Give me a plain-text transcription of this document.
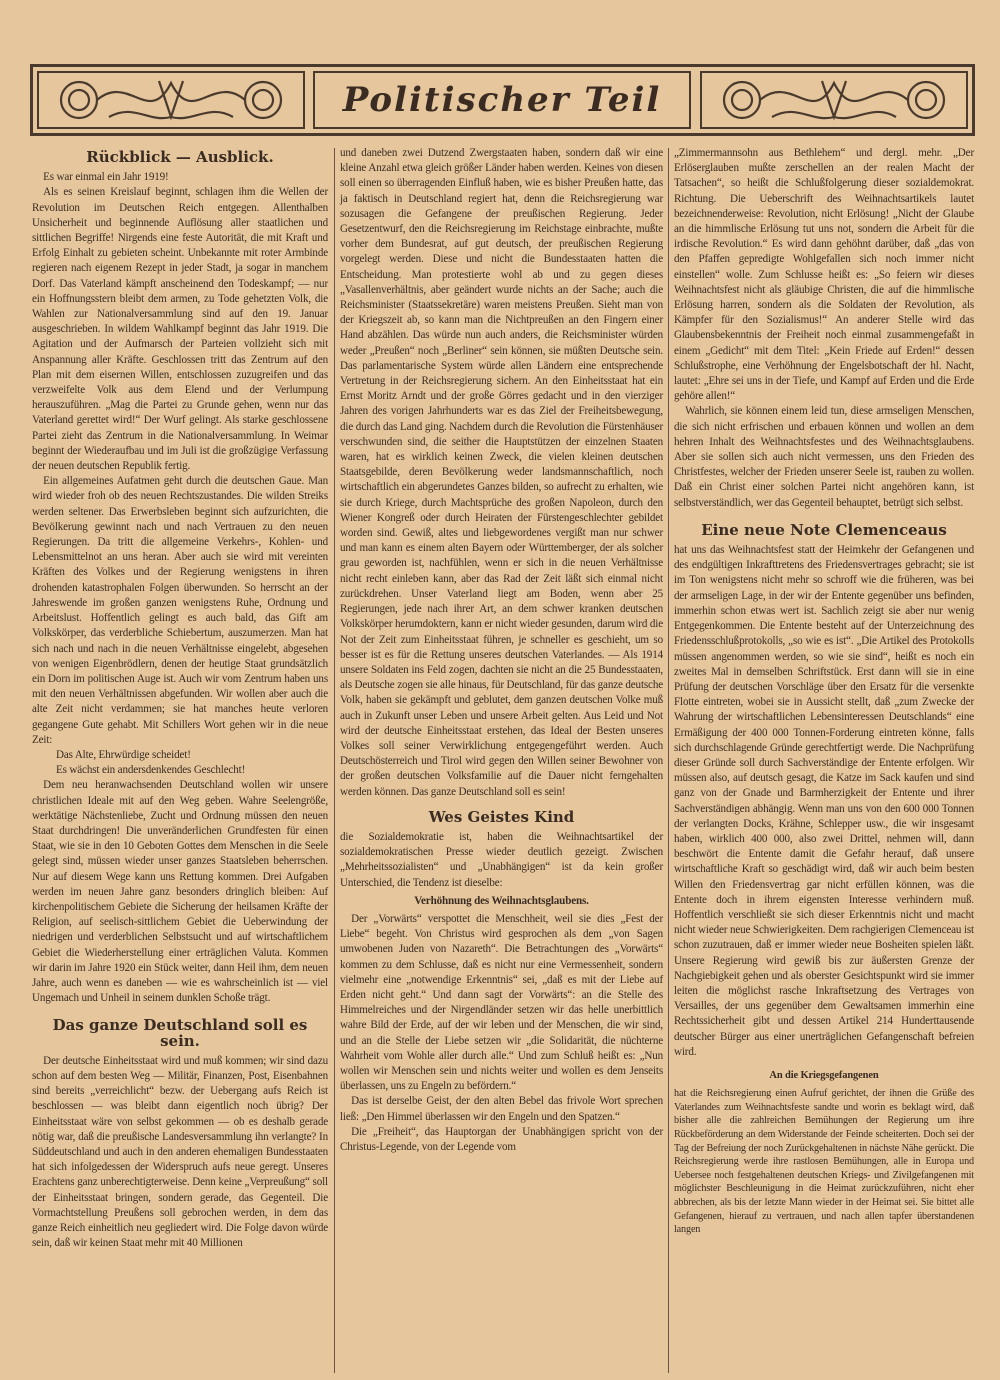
Politischer Teil
Rückblick — Ausblick.

Es war einmal ein Jahr 1919!

Als es seinen Kreislauf beginnt, schlagen ihm die Wellen der Revolution im Deutschen Reich entgegen. Allenthalben Unsicherheit und beginnende Auflösung aller staatlichen und sittlichen Begriffe! Nirgends eine feste Autorität, die mit Kraft und Erfolg Einhalt zu gebieten scheint. Unbekannte mit roter Armbinde regieren nach eigenem Rezept in jeder Stadt, ja sogar in manchem Dorf. Das Vaterland kämpft anscheinend den Todeskampf; — nur ein Hoffnungsstern bleibt dem armen, zu Tode gehetzten Volk, die Wahlen zur Nationalversammlung sind auf den 19. Januar ausgeschrieben. In wildem Wahlkampf beginnt das Jahr 1919. Die Agitation und der Aufmarsch der Parteien vollzieht sich mit Anspannung aller Kräfte. Geschlossen tritt das Zentrum auf den Plan mit dem eisernen Willen, entschlossen zuzugreifen und das verzweifelte Volk aus dem Elend und der Verlumpung herauszuführen. „Mag die Partei zu Grunde gehen, wenn nur das Vaterland gerettet wird!“ Der Wurf gelingt. Als starke geschlossene Partei zieht das Zentrum in die Nationalversammlung. In Weimar beginnt der Wiederaufbau und im Juli ist die großzügige Verfassung der neuen deutschen Republik fertig.

Ein allgemeines Aufatmen geht durch die deutschen Gaue. Man wird wieder froh ob des neuen Rechtszustandes. Die wilden Streiks werden seltener. Das Erwerbsleben beginnt sich aufzurichten, die Bevölkerung gewinnt nach und nach Vertrauen zu den neuen Regierungen. Da tritt die allgemeine Verkehrs-, Kohlen- und Lebensmittelnot an uns heran. Aber auch sie wird mit vereinten Kräften des Volkes und der Regierung wenigstens in ihren drohenden katastrophalen Folgen überwunden. So herrscht an der Jahreswende im großen ganzen wenigstens Ruhe, Ordnung und Arbeitslust. Hoffentlich gelingt es auch bald, das Gift am Volkskörper, das verderbliche Schiebertum, auszumerzen. Man hat sich nach und nach in die neuen Verhältnisse eingelebt, abgesehen von wenigen Eigenbrödlern, denen der heutige Staat grundsätzlich ein Dorn im politischen Auge ist. Auch wir vom Zentrum haben uns mit den neuen Verhältnissen abgefunden. Wir wollen aber auch die alte Zeit nicht verdammen; sie hat manches heute verloren gegangene Gute gehabt. Mit Schillers Wort gehen wir in die neue Zeit:

Das Alte, Ehrwürdige scheidet!

Es wächst ein andersdenkendes Geschlecht!

Dem neu heranwachsenden Deutschland wollen wir unsere christlichen Ideale mit auf den Weg geben. Wahre Seelengröße, werktätige Nächstenliebe, Zucht und Ordnung müssen den neuen Staat durchdringen! Die unveränderlichen Grundfesten für einen Staat, wie sie in den 10 Geboten Gottes dem Menschen in die Seele gelegt sind, müssen wieder unser ganzes Staatsleben beherrschen. Nur auf diesem Wege kann uns Rettung kommen. Drei Aufgaben werden im neuen Jahre ganz besonders dringlich bleiben: Auf kirchenpolitischem Gebiete die Sicherung der heilsamen Kräfte der Religion, auf seelisch-sittlichem Gebiet die Ueberwindung der niedrigen und verderblichen Selbstsucht und auf wirtschaftlichem Gebiet die Wiederherstellung einer erträglichen Valuta. Kommen wir darin im Jahre 1920 ein Stück weiter, dann Heil ihm, dem neuen Jahre, auch wenn es daneben — wie es wahrscheinlich ist — viel Ungemach und Unheil in seinem dunklen Schoße trägt.

Das ganze Deutschland soll es sein.

Der deutsche Einheitsstaat wird und muß kommen; wir sind dazu schon auf dem besten Weg — Militär, Finanzen, Post, Eisenbahnen sind bereits „verreichlicht“ bezw. der Uebergang aufs Reich ist beschlossen — was bleibt dann eigentlich noch übrig? Der Einheitsstaat wäre von selbst gekommen — ob es deshalb gerade nötig war, daß die preußische Landesversammlung ihn verlangte? In Süddeutschland und auch in den anderen ehemaligen Bundesstaaten hat sich infolgedessen der Widerspruch aufs neue geregt. Unseres Erachtens ganz unberechtigterweise. Denn keine „Verpreußung“ soll der Einheitsstaat bringen, sondern gerade, das Gegenteil. Die Vormachtstellung Preußens soll gebrochen werden, in dem das ganze Reich einheitlich neu gegliedert wird. Die Folge davon würde sein, daß wir keinen Staat mehr mit 40 Millionen

und daneben zwei Dutzend Zwergstaaten haben, sondern daß wir eine kleine Anzahl etwa gleich größer Länder haben werden. Keines von diesen soll einen so überragenden Einfluß haben, wie es bisher Preußen hatte, das ja faktisch in Deutschland regiert hat, denn die Reichsregierung war sozusagen die Gefangene der preußischen Regierung. Jeder Gesetzentwurf, den die Reichsregierung im Reichstage einbrachte, mußte vorher dem Bundesrat, auf gut deutsch, der preußischen Regierung vorgelegt werden. Diese und nicht die Bundesstaaten hatten die Entscheidung. Man protestierte wohl ab und zu gegen dieses „Vasallenverhältnis, aber geändert wurde nichts an der Sache; auch die Reichsminister (Staatssekretäre) waren meistens Preußen. Sieht man von der Kriegszeit ab, so kann man die Nichtpreußen an den Fingern einer Hand abzählen. Das würde nun auch anders, die Reichsminister würden weder „Preußen“ noch „Berliner“ sein können, sie müßten Deutsche sein. Das parlamentarische System würde allen Ländern eine entsprechende Vertretung in der Reichsregierung sichern. An den Einheitsstaat hat ein Ernst Moritz Arndt und der große Görres gedacht und in den vierziger Jahren des vorigen Jahrhunderts war es das Ziel der Freiheitsbewegung, die durch das Land ging. Nachdem durch die Revolution die Fürstenhäuser verschwunden sind, die seither die Hauptstützen der einzelnen Staaten waren, hat es wirklich keinen Zweck, die vielen kleinen deutschen Staatsgebilde, deren Bevölkerung weder landsmannschaftlich, noch wirtschaftlich ein abgerundetes Ganzes bilden, so aufrecht zu erhalten, wie sie durch Kriege, durch Machtsprüche des großen Napoleon, durch den Wiener Kongreß oder durch Heiraten der Fürstengeschlechter gebildet worden sind. Gewiß, altes und liebgewordenes vergißt man nur schwer und man kann es einem alten Bayern oder Württemberger, der als solcher grau geworden ist, nachfühlen, wenn er sich in die neuen Verhältnisse nicht recht einleben kann, aber das Rad der Zeit läßt sich einmal nicht zurückdrehen. Unser Vaterland liegt am Boden, wenn aber 25 Regierungen, jede nach ihrer Art, an dem schwer kranken deutschen Volkskörper herumdoktern, kann er nicht wieder gesunden, darum wird die Not der Zeit zum Einheitsstaat führen, je schneller es geschieht, um so besser ist es für die Rettung unseres deutschen Vaterlandes. — Als 1914 unsere Soldaten ins Feld zogen, dachten sie nicht an die 25 Bundesstaaten, als Deutsche zogen sie alle hinaus, für Deutschland, für das ganze deutsche Volk, haben sie gekämpft und geblutet, dem ganzen deutschen Volke muß auch in Zukunft unser Leben und unsere Arbeit gelten. Aus Leid und Not wird der deutsche Einheitsstaat erstehen, das Ideal der Besten unseres Volkes soll seiner Verwirklichung entgegengeführt werden. Auch Deutschösterreich und Tirol wird gegen den Willen seiner Bewohner von der großen deutschen Volksfamilie auf die Dauer nicht ferngehalten werden können. Das ganze Deutschland soll es sein!

Wes Geistes Kind

die Sozialdemokratie ist, haben die Weihnachtsartikel der sozialdemokratischen Presse wieder deutlich gezeigt. Zwischen „Mehrheitssozialisten“ und „Unabhängigen“ ist da kein großer Unterschied, die Tendenz ist dieselbe:

Verhöhnung des Weihnachtsglaubens.

Der „Vorwärts“ verspottet die Menschheit, weil sie dies „Fest der Liebe“ begeht. Von Christus wird gesprochen als dem „von Sagen umwobenen Juden von Nazareth“. Die Betrachtungen des „Vorwärts“ kommen zu dem Schlusse, daß es nicht nur eine Vermessenheit, sondern vielmehr eine „notwendige Erkenntnis“ sei, „daß es mit der Liebe auf Erden nicht geht.“ Und dann sagt der Vorwärts“: an die Stelle des Himmelreiches und der Nirgendländer setzen wir das helle unerbittlich wahre Bild der Erde, auf der wir leben und der Menschen, die wir sind, und an die Stelle der Liebe setzen wir „die Solidarität, die nüchterne Wahrheit vom Wohle aller durch alle.“ Und zum Schluß heißt es: „Nun wollen wir Menschen sein und nichts weiter und wollen es dem Jenseits überlassen, uns zu Engeln zu befördern.“

Das ist derselbe Geist, der den alten Bebel das frivole Wort sprechen ließ: „Den Himmel überlassen wir den Engeln und den Spatzen.“

Die „Freiheit“, das Hauptorgan der Unabhängigen spricht von der Christus-Legende, von der Legende vom

„Zimmermannsohn aus Bethlehem“ und dergl. mehr. „Der Erlöserglauben mußte zerschellen an der realen Macht der Tatsachen“, so heißt die Schlußfolgerung dieser sozialdemokrat. Richtung. Die Ueberschrift des Weihnachtsartikels lautet bezeichnenderweise: Revolution, nicht Erlösung! „Nicht der Glaube an die himmlische Erlösung tut uns not, sondern die Arbeit für die irdische Revolution.“ Es wird dann gehöhnt darüber, daß „das von den Pfaffen gepredigte Wohlgefallen sich noch immer nicht einstellen“ wolle. Zum Schlusse heißt es: „So feiern wir dieses Weihnachtsfest nicht als gläubige Christen, die auf die himmlische Erlösung harren, sondern als die Soldaten der Revolution, als Kämpfer für den Sozialismus!“ An anderer Stelle wird das Glaubensbekenntnis der Freiheit noch einmal zusammengefaßt in einem „Gedicht“ mit dem Titel: „Kein Friede auf Erden!“ dessen Schlußstrophe, eine Verhöhnung der Engelsbotschaft der hl. Nacht, lautet: „Ehre sei uns in der Tiefe, und Kampf auf Erden und die Erde gehöre allen!“

Wahrlich, sie können einem leid tun, diese armseligen Menschen, die sich nicht erfrischen und erbauen können und wollen an dem hehren Inhalt des Weihnachtsfestes und des Weihnachtsglaubens. Aber sie sollen sich auch nicht vermessen, uns den Frieden des Christfestes, welcher der Frieden unserer Seele ist, rauben zu wollen. Daß ein Christ einer solchen Partei nicht angehören kann, ist selbstverständlich, wer das Gegenteil behauptet, betrügt sich selbst.

Eine neue Note Clemenceaus

hat uns das Weihnachtsfest statt der Heimkehr der Gefangenen und des endgültigen Inkrafttretens des Friedensvertrages gebracht; sie ist im Ton wenigstens nicht mehr so schroff wie die früheren, was bei der armseligen Lage, in der wir der Entente gegenüber uns befinden, immerhin schon etwas wert ist. Sachlich zeigt sie aber nur wenig Entgegenkommen. Die Entente besteht auf der Unterzeichnung des Friedensschlußprotokolls, „so wie es ist“. „Die Artikel des Protokolls müssen angenommen werden, so wie sie sind“, heißt es noch ein zweites Mal in demselben Schriftstück. Erst dann will sie in eine Prüfung der deutschen Vorschläge über den Ersatz für die versenkte Flotte eintreten, wobei sie in Aussicht stellt, daß „zum Zwecke der Wahrung der wirtschaftlichen Lebensinteressen Deutschlands“ eine Ermäßigung der 400 000 Tonnen-Forderung eintreten könne, falls sich durchschlagende Gründe gerechtfertigt werde. Die Nachprüfung dieser Gründe soll durch Sachverständige der Entente erfolgen. Wir müssen also, auf deutsch gesagt, die Katze im Sack kaufen und sind ganz von der Gnade und Barmherzigkeit der Entente und ihrer Sachverständigen abhängig. Wenn man uns von den 600 000 Tonnen der verlangten Docks, Krähne, Schlepper usw., die wir insgesamt haben, wirklich 400 000, also zwei Drittel, nehmen will, dann beschwört die Entente damit die Gefahr herauf, daß unsere wirtschaftliche Kraft so geschädigt wird, daß wir auch beim besten Willen den Friedensvertrag gar nicht erfüllen können, was die Entente doch in ihrem eigensten Interesse verhindern muß. Hoffentlich verschließt sie sich dieser Erkenntnis nicht und macht nicht wieder neue Schwierigkeiten. Dem rachgierigen Clemenceau ist schon zuzutrauen, daß er immer wieder neue Bosheiten spielen läßt. Unsere Regierung wird gewiß bis zur äußersten Grenze der Nachgiebigkeit gehen und als oberster Gesichtspunkt wird sie immer leiten die möglichst rasche Inkraftsetzung des Vertrages von Versailles, der uns gegenüber dem Gewaltsamen immerhin eine Rechtssicherheit gibt und dessen Artikel 214 Hunderttausende deutscher Bürger aus einer unerträglichen Gefangenschaft befreien wird.

An die Kriegsgefangenen

hat die Reichsregierung einen Aufruf gerichtet, der ihnen die Grüße des Vaterlandes zum Weihnachtsfeste sandte und worin es beklagt wird, daß bisher alle die zahlreichen Bemühungen der Regierung um ihre Rückbeförderung an dem Widerstande der Feinde scheiterten. Doch sei der Tag der Befreiung der noch Zurückgehaltenen in nächste Nähe gerückt. Die Reichsregierung werde ihre rastlosen Bemühungen, alle in Europa und Uebersee noch festgehaltenen deutschen Kriegs- und Zivilgefangenen mit möglichster Beschleunigung in die Heimat zurückzuführen, nicht eher abbrechen, als bis der letzte Mann wieder in der Heimat sei. Sie bittet alle Gefangenen, hierauf zu vertrauen, und nach allen tapfer überstandenen langen
